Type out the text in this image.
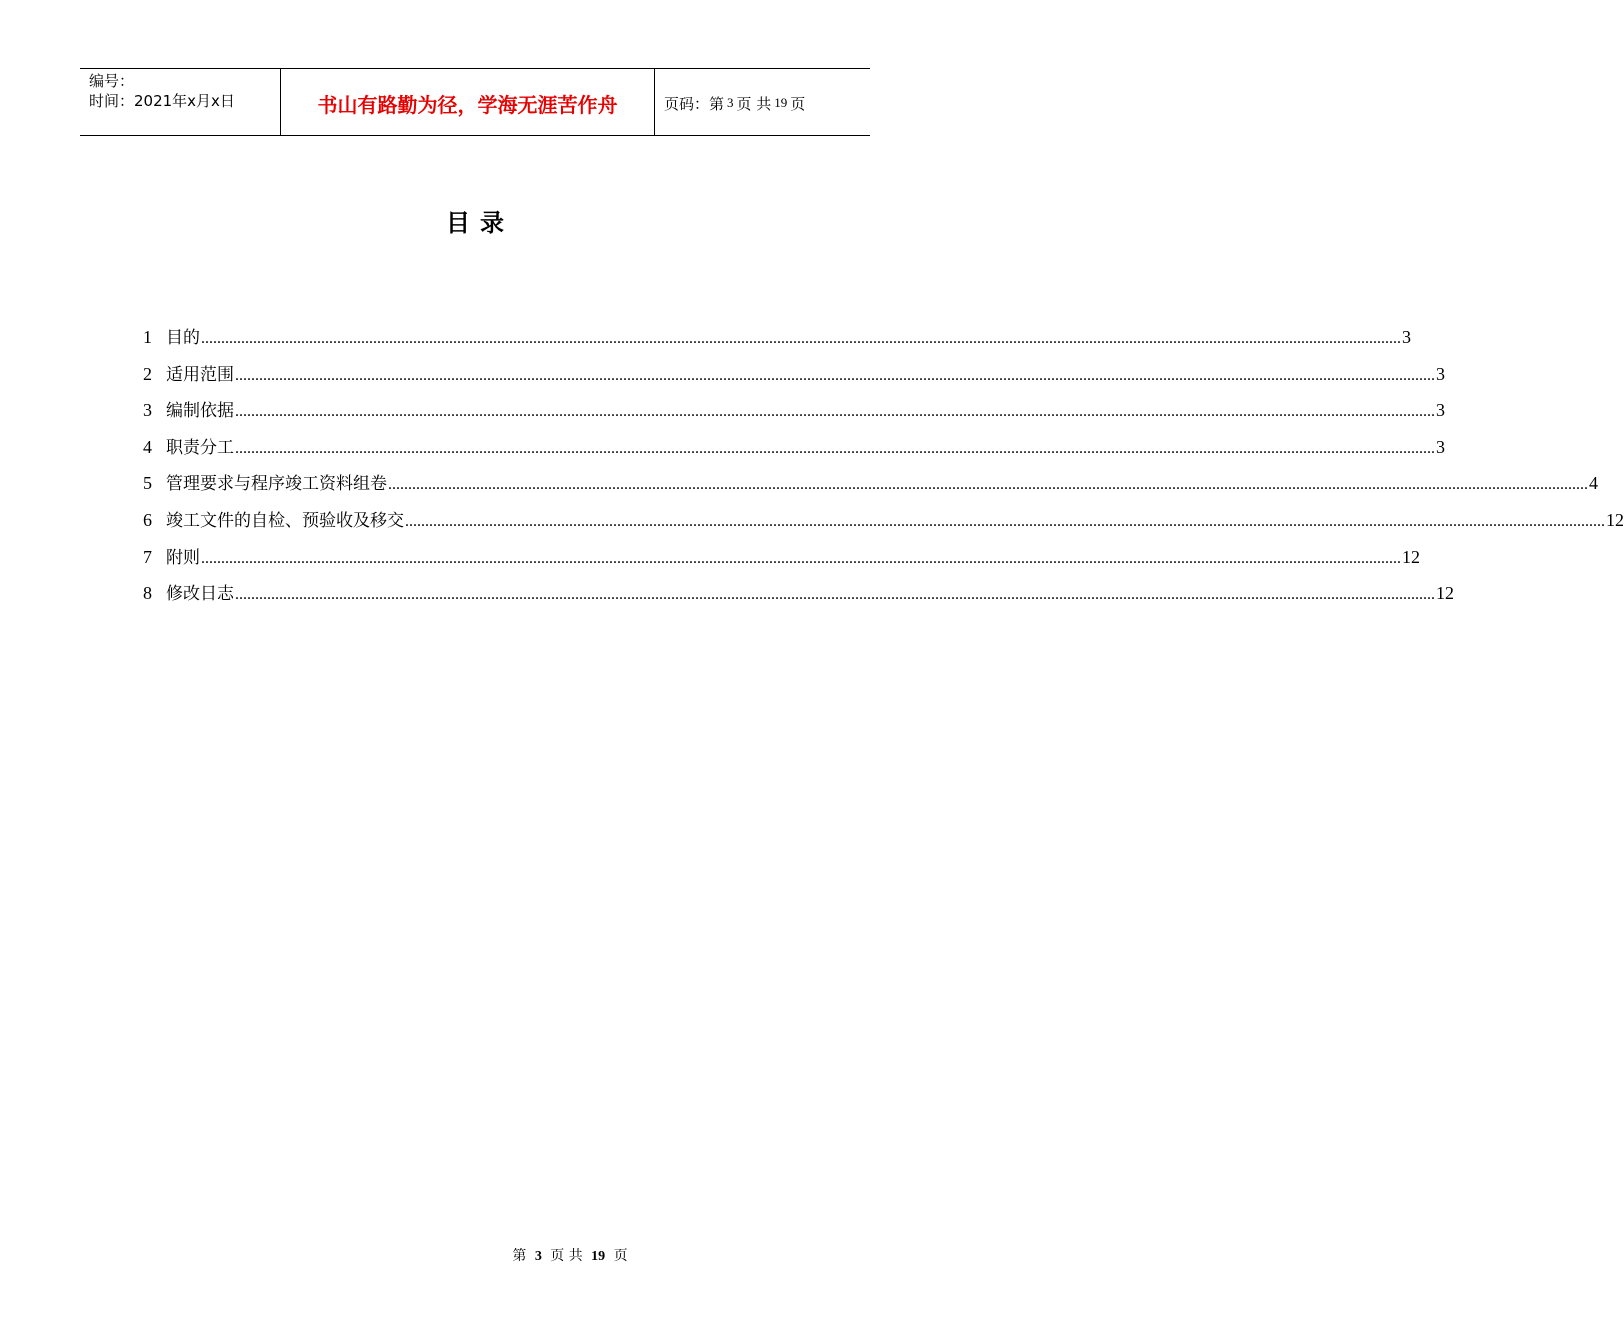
编号：
时间：2021年x月x日	书山有路勤为径，学海无涯苦作舟	页码：第 3 页 共 19 页
目录
1 目的 ............................................................................................................................................................................................................................................................................................................ 3
2 适用范围 ............................................................................................................................................................................................................................................................................................................ 3
3 编制依据 ............................................................................................................................................................................................................................................................................................................ 3
4 职责分工 ............................................................................................................................................................................................................................................................................................................ 3
5 管理要求与程序竣工资料组卷 ............................................................................................................................................................................................................................................................................................................ 4
6 竣工文件的自检、预验收及移交 ............................................................................................................................................................................................................................................................................................................ 12
7 附则 ............................................................................................................................................................................................................................................................................................................ 12
8 修改日志 ............................................................................................................................................................................................................................................................................................................ 12
第 3 页 共 19 页
